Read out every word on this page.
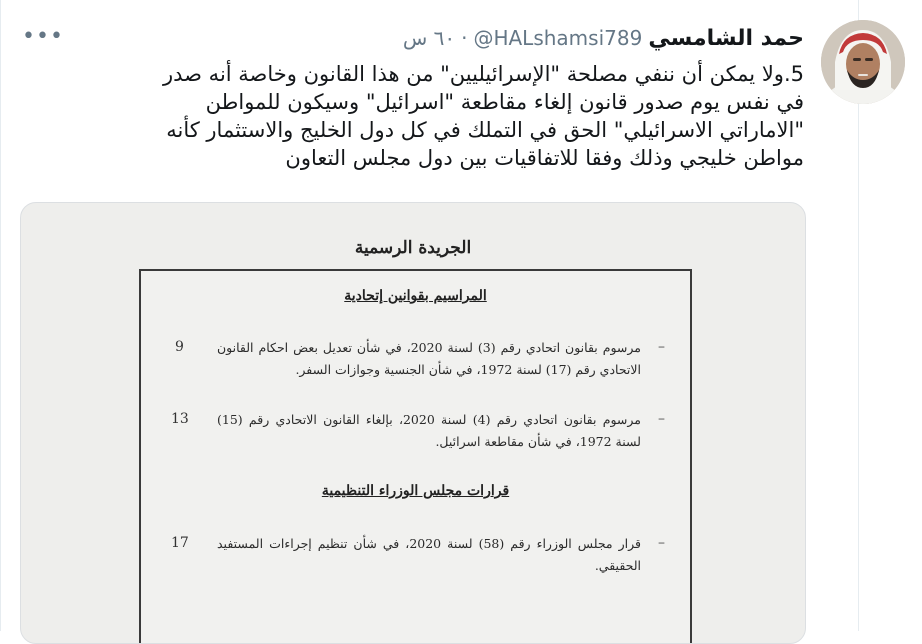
حمد الشامسي
@HALshamsi789
·
٦٠ س
•••
5.ولا يمكن أن ننفي مصلحة "الإسرائيليين" من هذا القانون وخاصة أنه صدر
في نفس يوم صدور قانون إلغاء مقاطعة "اسرائيل" وسيكون للمواطن
"الاماراتي الاسرائيلي" الحق في التملك في كل دول الخليج والاستثمار كأنه
مواطن خليجي وذلك وفقا للاتفاقيات بين دول مجلس التعاون
الجريدة الرسمية
المراسيم بقوانين إتحادية
–
مرسوم بقانون اتحادي رقم (3) لسنة 2020، في شأن تعديل بعض احكام القانون الاتحادي رقم (17) لسنة 1972، في شأن الجنسية وجوازات السفر.
9
–
مرسوم بقانون اتحادي رقم (4) لسنة 2020، بإلغاء القانون الاتحادي رقم (15) لسنة 1972، في شأن مقاطعة اسرائيل.
13
قرارات مجلس الوزراء التنظيمية
–
قرار مجلس الوزراء رقم (58) لسنة 2020، في شأن تنظيم إجراءات المستفيد الحقيقي.
17
